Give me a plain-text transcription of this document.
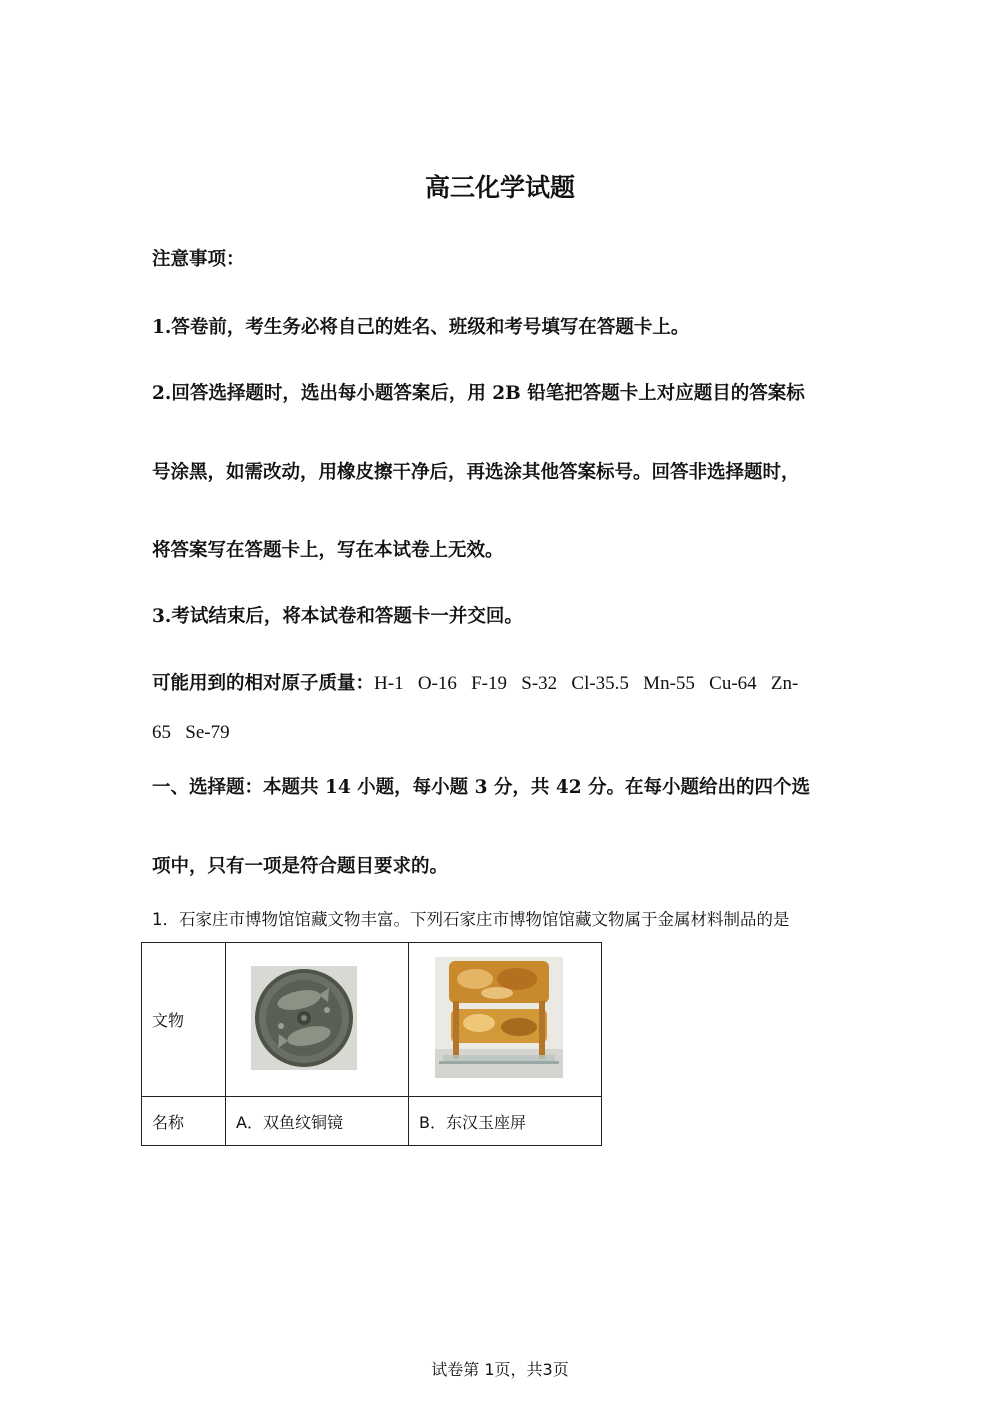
高三化学试题
注意事项：
1.答卷前，考生务必将自己的姓名、班级和考号填写在答题卡上。
2.回答选择题时，选出每小题答案后，用 2B 铅笔把答题卡上对应题目的答案标
号涂黑，如需改动，用橡皮擦干净后，再选涂其他答案标号。回答非选择题时，
将答案写在答题卡上，写在本试卷上无效。
3.考试结束后，将本试卷和答题卡一并交回。
可能用到的相对原子质量：H-1   O-16   F-19   S-32   Cl-35.5   Mn-55   Cu-64   Zn-
65   Se-79
一、选择题：本题共 14 小题，每小题 3 分，共 42 分。在每小题给出的四个选
项中，只有一项是符合题目要求的。
1．石家庄市博物馆馆藏文物丰富。下列石家庄市博物馆馆藏文物属于金属材料制品的是
文物		
名称	A．双鱼纹铜镜	B．东汉玉座屏
试卷第 1页，共3页
